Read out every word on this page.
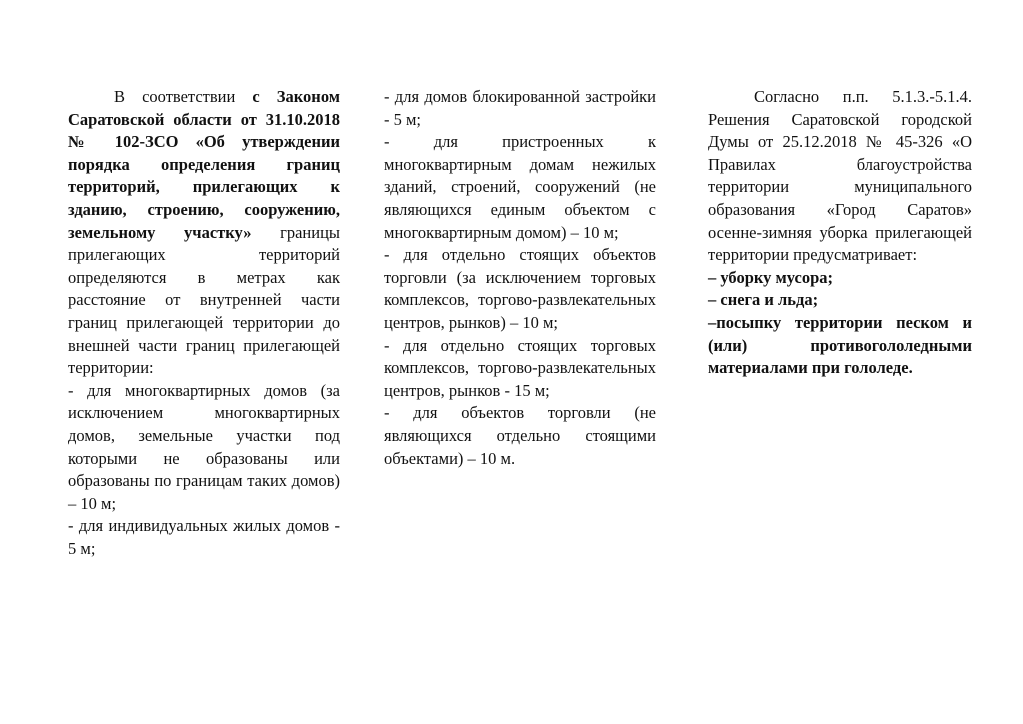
В соответствии с Законом Саратовской области от 31.10.2018 № 102-ЗСО «Об утверждении порядка определения границ территорий, прилегающих к зданию, строению, сооружению, земельному участку» границы прилегающих территорий определяются в метрах как расстояние от внутренней части границ прилегающей территории до внешней части границ прилегающей территории:

- для многоквартирных домов (за исключением многоквартирных домов, земельные участки под которыми не образованы или образованы по границам таких домов) – 10 м;

- для индивидуальных жилых домов - 5 м;

- для домов блокированной застройки - 5 м;

- для пристроенных к многоквартирным домам нежилых зданий, строений, сооружений (не являющихся единым объектом с многоквартирным домом) – 10 м;

- для отдельно стоящих объектов торговли (за исключением торговых комплексов, торгово-развлекательных центров, рынков) – 10 м;

- для отдельно стоящих торговых комплексов, торгово-развлекательных центров, рынков - 15 м;

- для объектов торговли (не являющихся отдельно стоящими объектами) – 10 м.

Согласно п.п. 5.1.3.-5.1.4. Решения Саратовской городской Думы от 25.12.2018 № 45-326 «О Правилах благоустройства территории муниципального образования «Город Саратов» осенне-зимняя уборка прилегающей территории предусматривает:

– уборку мусора;

– снега и льда;

–посыпку территории песком и (или) противогололедными материалами при гололеде.
